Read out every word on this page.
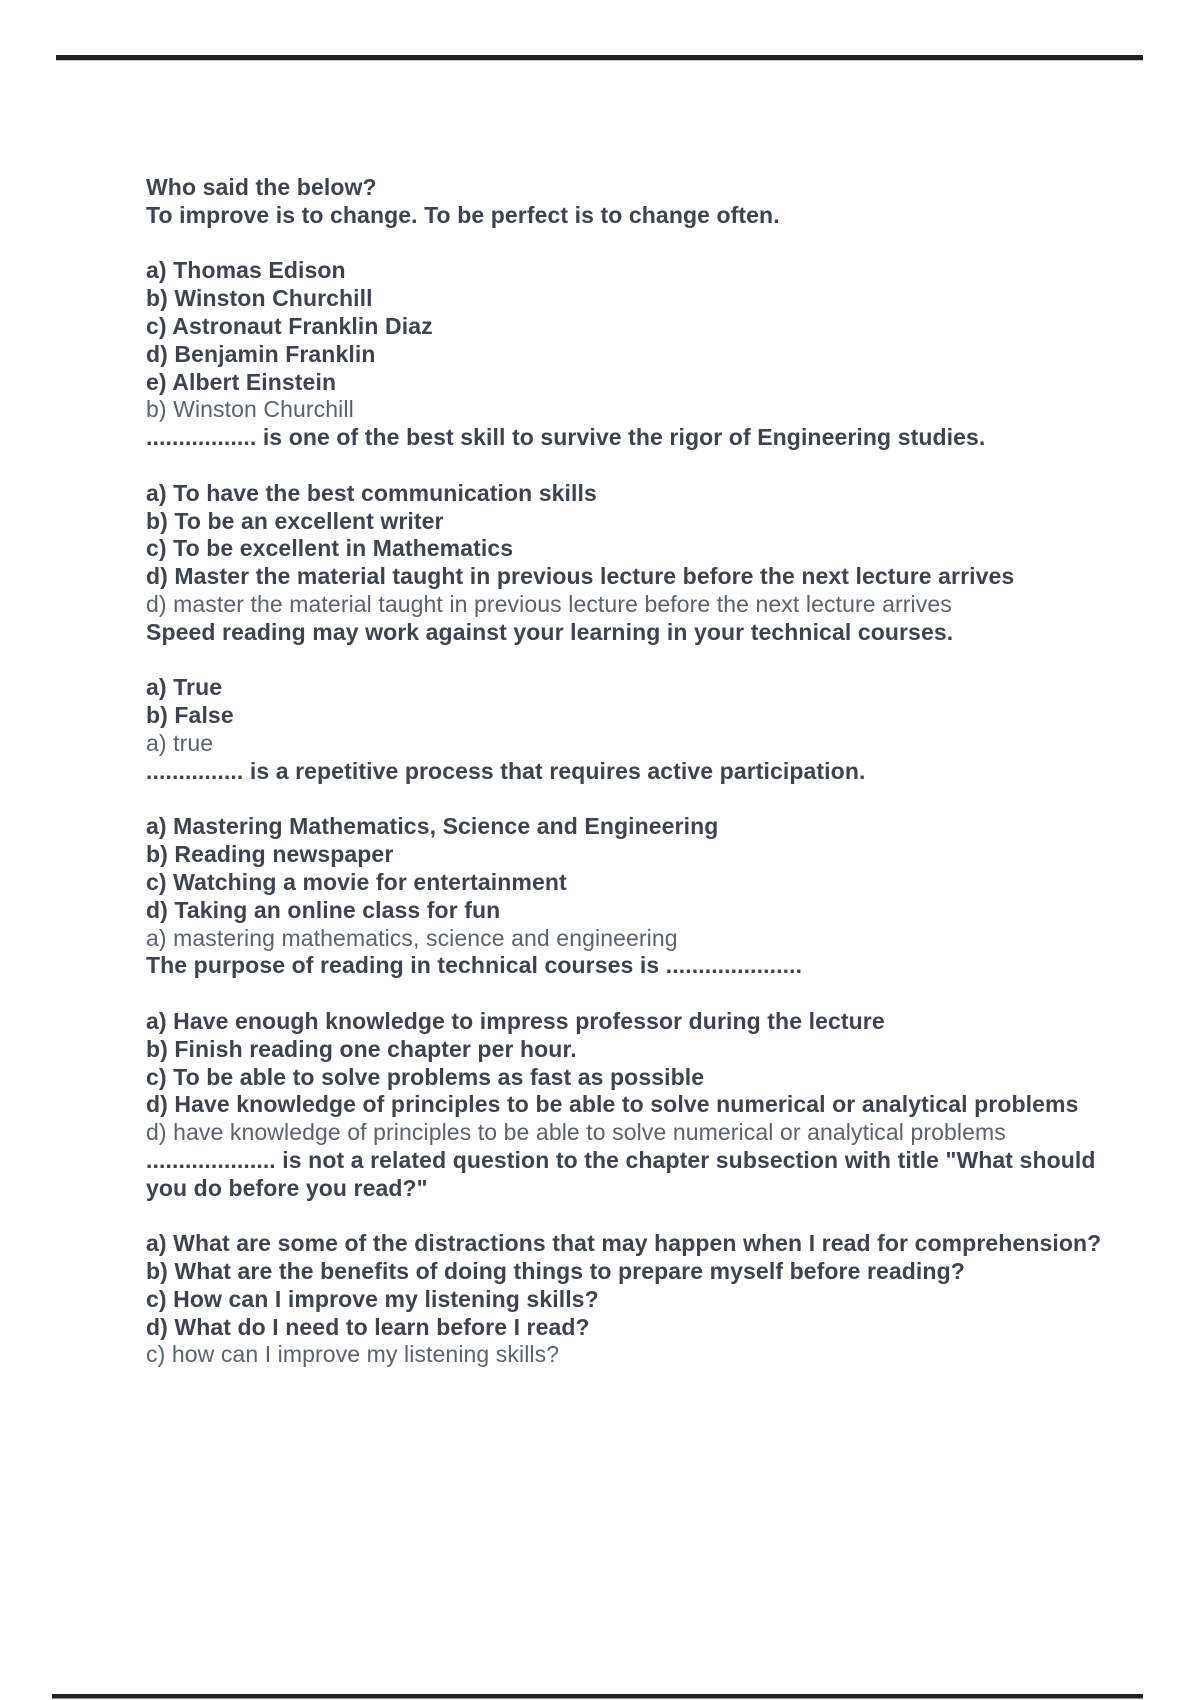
Who said the below?

To improve is to change. To be perfect is to change often.

a) Thomas Edison

b) Winston Churchill

c) Astronaut Franklin Diaz

d) Benjamin Franklin

e) Albert Einstein

b) Winston Churchill

................. is one of the best skill to survive the rigor of Engineering studies.

a) To have the best communication skills

b) To be an excellent writer

c) To be excellent in Mathematics

d) Master the material taught in previous lecture before the next lecture arrives

d) master the material taught in previous lecture before the next lecture arrives

Speed reading may work against your learning in your technical courses.

a) True

b) False

a) true

............... is a repetitive process that requires active participation.

a) Mastering Mathematics, Science and Engineering

b) Reading newspaper

c) Watching a movie for entertainment

d) Taking an online class for fun

a) mastering mathematics, science and engineering

The purpose of reading in technical courses is .....................

a) Have enough knowledge to impress professor during the lecture

b) Finish reading one chapter per hour.

c) To be able to solve problems as fast as possible

d) Have knowledge of principles to be able to solve numerical or analytical problems

d) have knowledge of principles to be able to solve numerical or analytical problems

.................... is not a related question to the chapter subsection with title "What should you do before you read?"

a) What are some of the distractions that may happen when I read for comprehension?

b) What are the benefits of doing things to prepare myself before reading?

c) How can I improve my listening skills?

d) What do I need to learn before I read?

c) how can I improve my listening skills?
